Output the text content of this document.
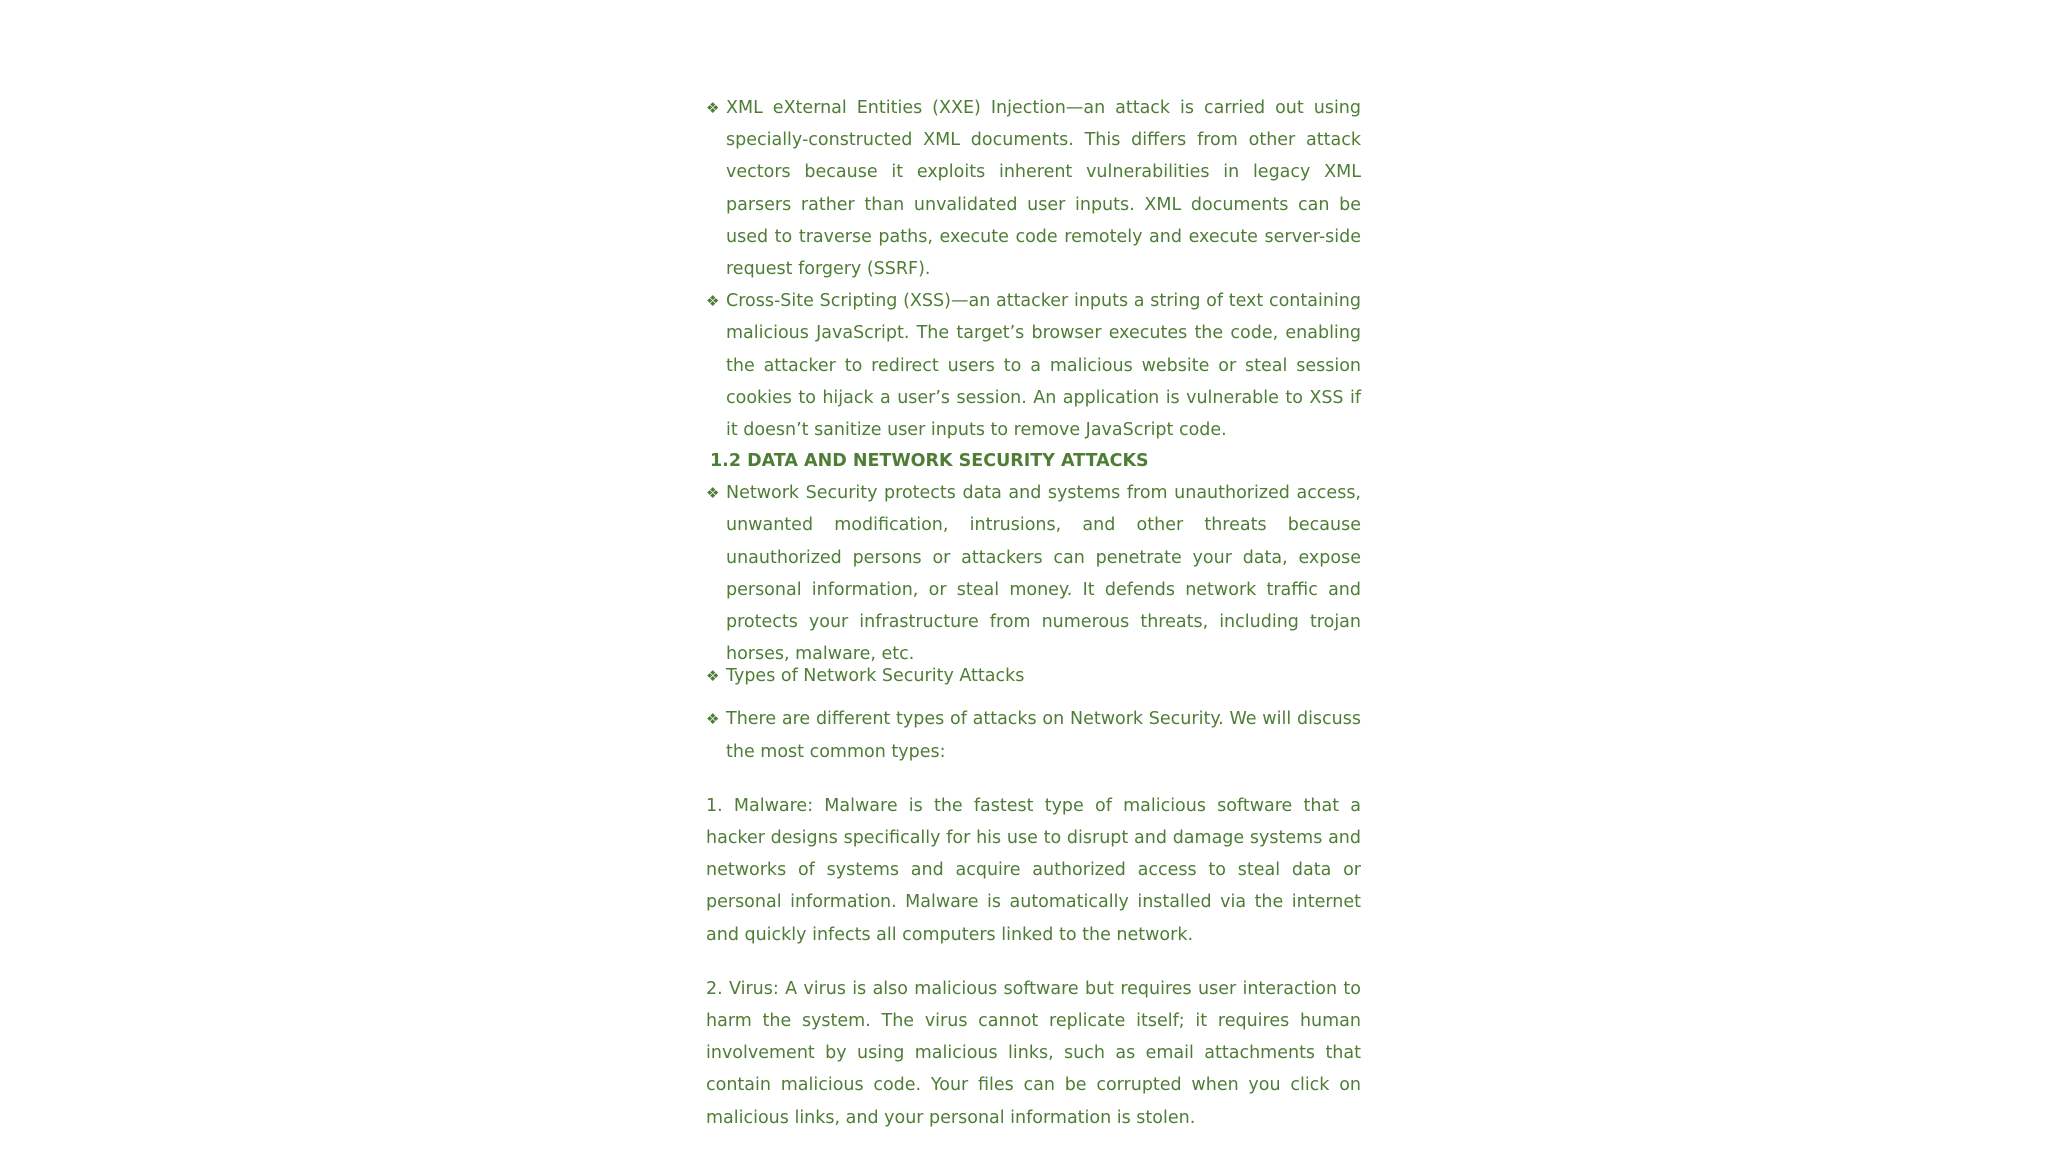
❖ XML eXternal Entities (XXE) Injection—an attack is carried out using specially-constructed XML documents. This differs from other attack vectors because it exploits inherent vulnerabilities in legacy XML parsers rather than unvalidated user inputs. XML documents can be used to traverse paths, execute code remotely and execute server-side request forgery (SSRF).
❖ Cross-Site Scripting (XSS)—an attacker inputs a string of text containing malicious JavaScript. The target’s browser executes the code, enabling the attacker to redirect users to a malicious website or steal session cookies to hijack a user’s session. An application is vulnerable to XSS if it doesn’t sanitize user inputs to remove JavaScript code.
1.2 DATA AND NETWORK SECURITY ATTACKS
❖ Network Security protects data and systems from unauthorized access, unwanted modification, intrusions, and other threats because unauthorized persons or attackers can penetrate your data, expose personal information, or steal money. It defends network traffic and protects your infrastructure from numerous threats, including trojan horses, malware, etc.
❖ Types of Network Security Attacks
❖ There are different types of attacks on Network Security. We will discuss the most common types:
1. Malware: Malware is the fastest type of malicious software that a hacker designs specifically for his use to disrupt and damage systems and networks of systems and acquire authorized access to steal data or personal information. Malware is automatically installed via the internet and quickly infects all computers linked to the network.
2. Virus: A virus is also malicious software but requires user interaction to harm the system. The virus cannot replicate itself; it requires human involvement by using malicious links, such as email attachments that contain malicious code. Your files can be corrupted when you click on malicious links, and your personal information is stolen.
